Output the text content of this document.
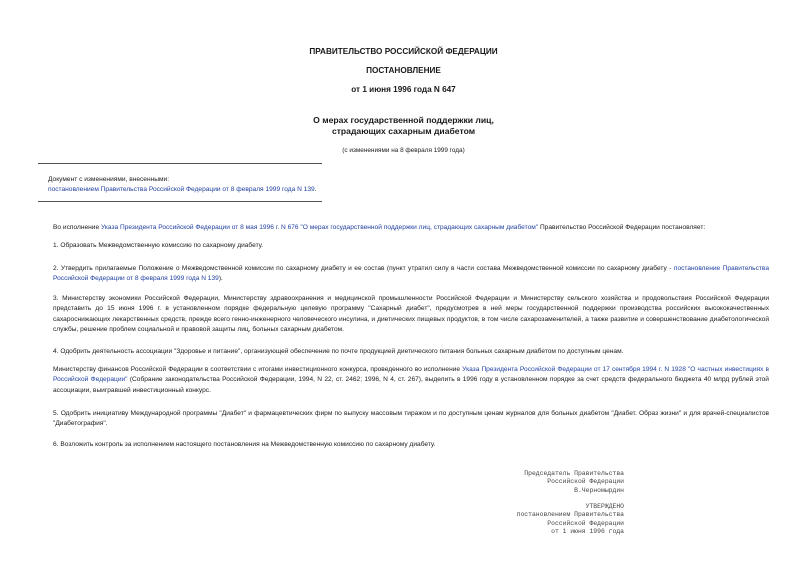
ПРАВИТЕЛЬСТВО РОССИЙСКОЙ ФЕДЕРАЦИИ
ПОСТАНОВЛЕНИЕ
от 1 июня 1996 года N 647
О мерах государственной поддержки лиц,
страдающих сахарным диабетом
(с изменениями на 8 февраля 1999 года)
Документ с изменениями, внесенными:
постановлением Правительства Российской Федерации от 8 февраля 1999 года N 139.
Во исполнение Указа Президента Российской Федерации от 8 мая 1996 г. N 676 "О мерах государственной поддержки лиц, страдающих сахарным диабетом" Правительство Российской Федерации постановляет:
1. Образовать Межведомственную комиссию по сахарному диабету.
2. Утвердить прилагаемые Положение о Межведомственной комиссии по сахарному диабету и ее состав (пункт утратил силу в части состава Межведомственной комиссии по сахарному диабету - постановление Правительства Российской Федерации от 8 февраля 1999 года N 139).
3. Министерству экономики Российской Федерации, Министерству здравоохранения и медицинской промышленности Российской Федерации и Министерству сельского хозяйства и продовольствия Российской Федерации представить до 15 июня 1996 г. в установленном порядке федеральную целевую программу "Сахарный диабет", предусмотрев в ней меры государственной поддержки производства российских высококачественных сахароснижающих лекарственных средств, прежде всего генно-инженерного человеческого инсулина, и диетических пищевых продуктов, в том числе сахарозаменителей, а также развитие и совершенствование диабетологической службы, решение проблем социальной и правовой защиты лиц, больных сахарным диабетом.
4. Одобрить деятельность ассоциации "Здоровье и питание", организующей обеспечение по почте продукцией диетического питания больных сахарным диабетом по доступным ценам.
Министерству финансов Российской Федерации в соответствии с итогами инвестиционного конкурса, проведенного во исполнение Указа Президента Российской Федерации от 17 сентября 1994 г. N 1928 "О частных инвестициях в Российской Федерации" (Собрание законодательства Российской Федерации, 1994, N 22, ст. 2462; 1996, N 4, ст. 267), выделить в 1996 году в установленном порядке за счет средств федерального бюджета 40 млрд рублей этой ассоциации, выигравшей инвестиционный конкурс.
5. Одобрить инициативу Международной программы "Диабет" и фармацевтических фирм по выпуску массовым тиражом и по доступным ценам журналов для больных диабетом "Диабет. Образ жизни" и для врачей-специалистов "Диабетография".
6. Возложить контроль за исполнением настоящего постановления на Межведомственную комиссию по сахарному диабету.
Председатель Правительства
Российской Федерации
В.Черномырдин
УТВЕРЖДЕНО
постановлением Правительства
Российской Федерации
от 1 июня 1996 года
